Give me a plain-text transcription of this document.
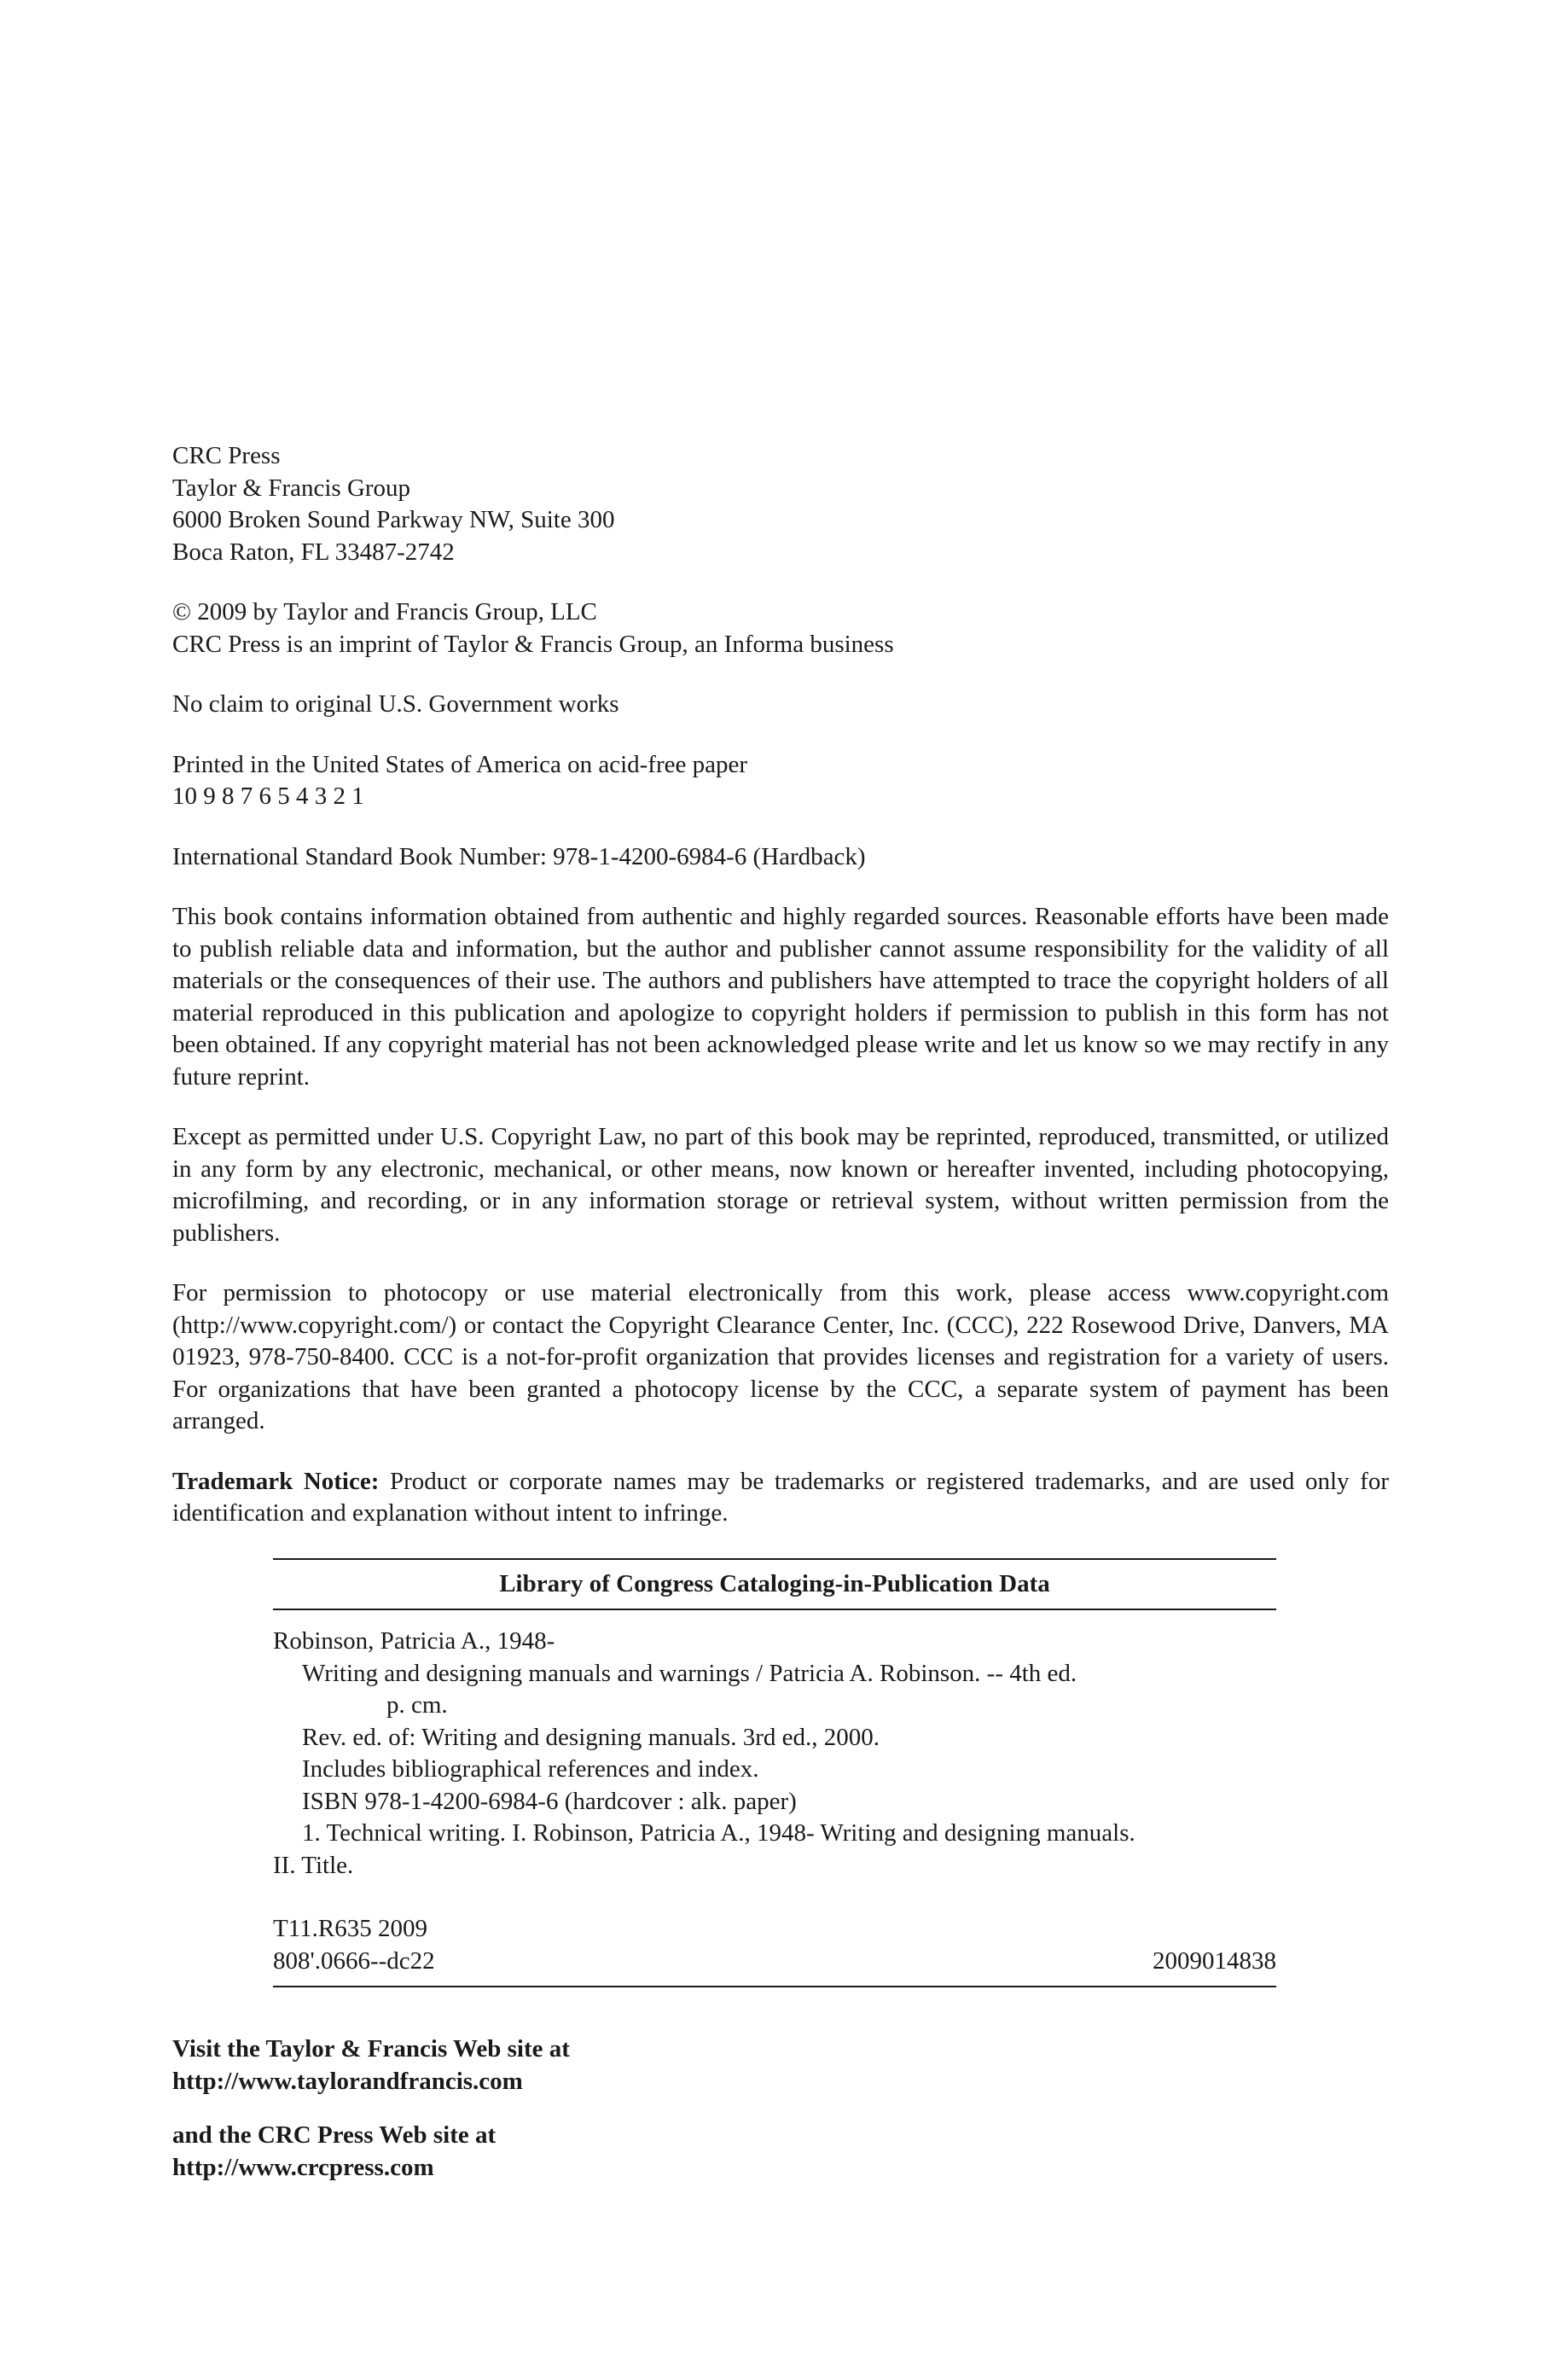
CRC Press
Taylor & Francis Group
6000 Broken Sound Parkway NW, Suite 300
Boca Raton, FL 33487-2742
© 2009 by Taylor and Francis Group, LLC
CRC Press is an imprint of Taylor & Francis Group, an Informa business
No claim to original U.S. Government works
Printed in the United States of America on acid-free paper
10 9 8 7 6 5 4 3 2 1
International Standard Book Number: 978-1-4200-6984-6 (Hardback)

This book contains information obtained from authentic and highly regarded sources. Reasonable efforts have been made to publish reliable data and information, but the author and publisher cannot assume responsibility for the validity of all materials or the consequences of their use. The authors and publishers have attempted to trace the copyright holders of all material reproduced in this publication and apologize to copyright holders if permission to publish in this form has not been obtained. If any copyright material has not been acknowledged please write and let us know so we may rectify in any future reprint.

Except as permitted under U.S. Copyright Law, no part of this book may be reprinted, reproduced, transmitted, or utilized in any form by any electronic, mechanical, or other means, now known or hereafter invented, including photocopying, microfilming, and recording, or in any information storage or retrieval system, without written permission from the publishers.

For permission to photocopy or use material electronically from this work, please access www.copyright.com (http://www.copyright.com/) or contact the Copyright Clearance Center, Inc. (CCC), 222 Rosewood Drive, Danvers, MA 01923, 978-750-8400. CCC is a not-for-profit organization that provides licenses and registration for a variety of users. For organizations that have been granted a photocopy license by the CCC, a separate system of payment has been arranged.

Trademark Notice: Product or corporate names may be trademarks or registered trademarks, and are used only for identification and explanation without intent to infringe.

Library of Congress Cataloging-in-Publication Data
Robinson, Patricia A., 1948-
Writing and designing manuals and warnings / Patricia A. Robinson. -- 4th ed.
p. cm.
Rev. ed. of: Writing and designing manuals. 3rd ed., 2000.
Includes bibliographical references and index.
ISBN 978-1-4200-6984-6 (hardcover : alk. paper)
1. Technical writing. I. Robinson, Patricia A., 1948- Writing and designing manuals.
II. Title.
T11.R635 2009
808'.0666--dc22	2009014838
Visit the Taylor & Francis Web site at
http://www.taylorandfrancis.com
and the CRC Press Web site at
http://www.crcpress.com
